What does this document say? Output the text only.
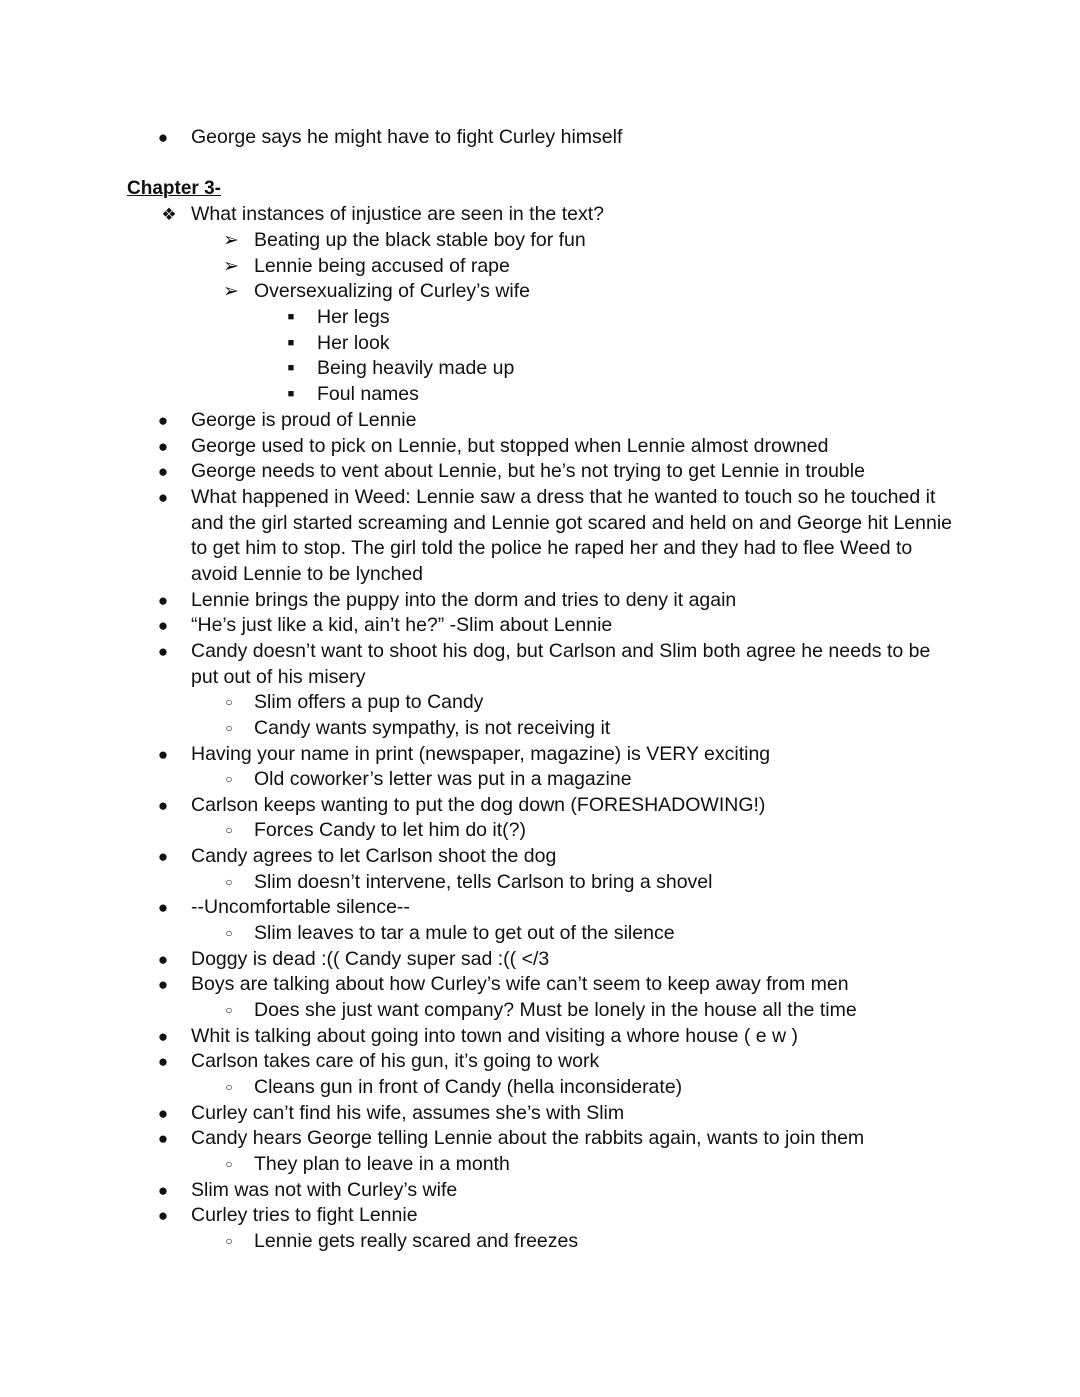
● George says he might have to fight Curley himself
Chapter 3-
❖ What instances of injustice are seen in the text?
➢ Beating up the black stable boy for fun
➢ Lennie being accused of rape
➢ Oversexualizing of Curley’s wife
■ Her legs
■ Her look
■ Being heavily made up
■ Foul names
● George is proud of Lennie
● George used to pick on Lennie, but stopped when Lennie almost drowned
● George needs to vent about Lennie, but he’s not trying to get Lennie in trouble
● What happened in Weed: Lennie saw a dress that he wanted to touch so he touched it
and the girl started screaming and Lennie got scared and held on and George hit Lennie
to get him to stop. The girl told the police he raped her and they had to flee Weed to
avoid Lennie to be lynched
● Lennie brings the puppy into the dorm and tries to deny it again
● “He’s just like a kid, ain’t he?” -Slim about Lennie
● Candy doesn’t want to shoot his dog, but Carlson and Slim both agree he needs to be
put out of his misery
○ Slim offers a pup to Candy
○ Candy wants sympathy, is not receiving it
● Having your name in print (newspaper, magazine) is VERY exciting
○ Old coworker’s letter was put in a magazine
● Carlson keeps wanting to put the dog down (FORESHADOWING!)
○ Forces Candy to let him do it(?)
● Candy agrees to let Carlson shoot the dog
○ Slim doesn’t intervene, tells Carlson to bring a shovel
● --Uncomfortable silence--
○ Slim leaves to tar a mule to get out of the silence
● Doggy is dead :(( Candy super sad :(( </3
● Boys are talking about how Curley’s wife can’t seem to keep away from men
○ Does she just want company? Must be lonely in the house all the time
● Whit is talking about going into town and visiting a whore house ( e w )
● Carlson takes care of his gun, it’s going to work
○ Cleans gun in front of Candy (hella inconsiderate)
● Curley can’t find his wife, assumes she’s with Slim
● Candy hears George telling Lennie about the rabbits again, wants to join them
○ They plan to leave in a month
● Slim was not with Curley’s wife
● Curley tries to fight Lennie
○ Lennie gets really scared and freezes
